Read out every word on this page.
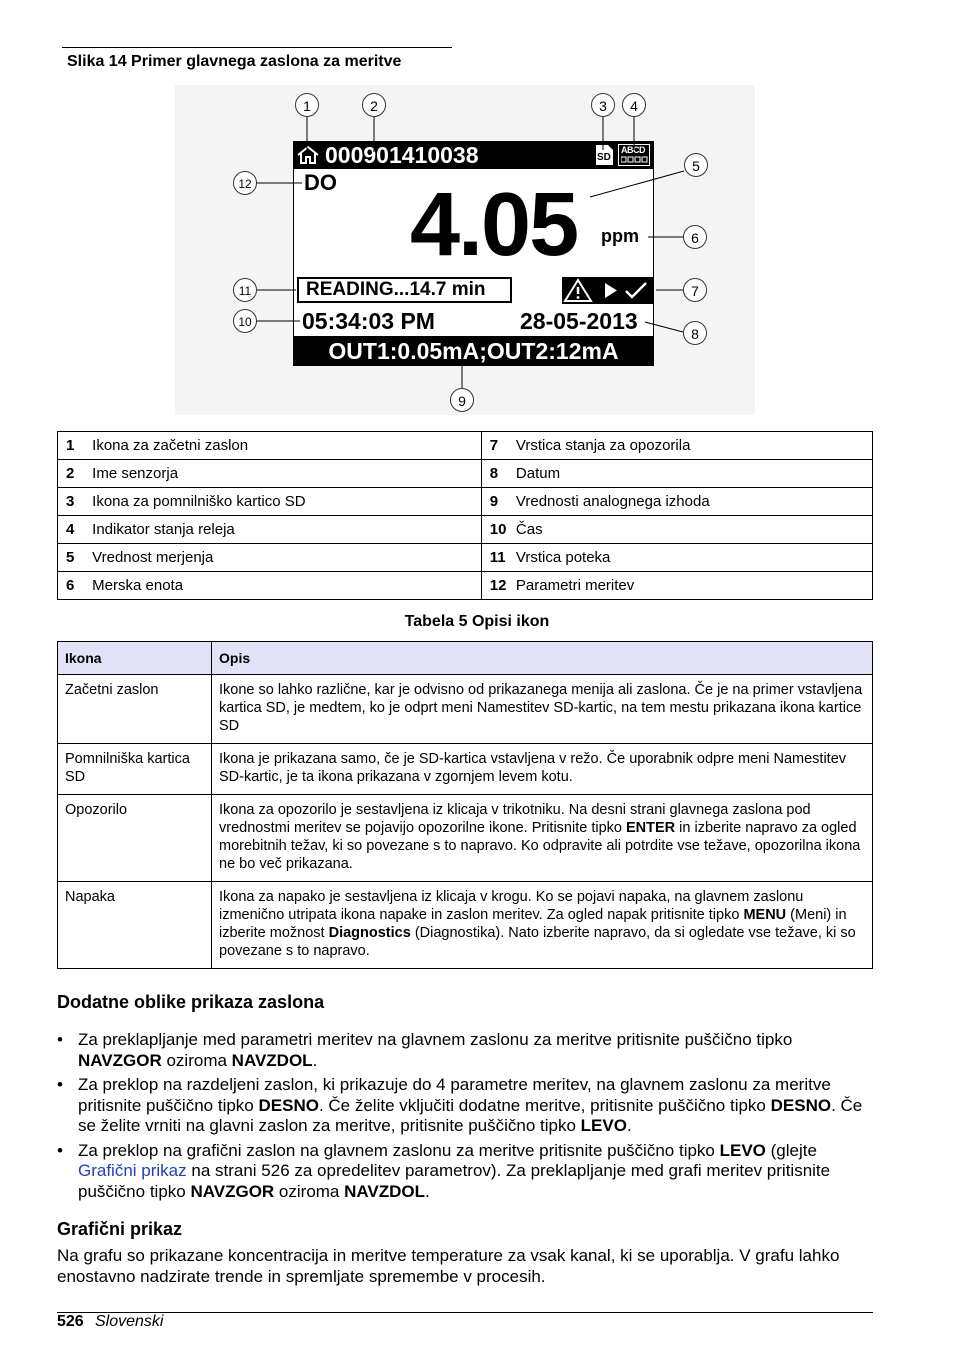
Slika 14 Primer glavnega zaslona za meritve
000901410038	SD
ABCD
DO 4.05 ppm
READING...14.7 min
05:34:03 PM	28-05-2013
OUT1:0.05mA;OUT2:12mA
1	2	3	4
5
6
7
8
9
10
11
12
1 Ikona za začetni zaslon	7 Vrstica stanja za opozorila
2 Ime senzorja	8 Datum
3 Ikona za pomnilniško kartico SD	9 Vrednosti analognega izhoda
4 Indikator stanja releja	10 Čas
5 Vrednost merjenja	11 Vrstica poteka
6 Merska enota	12 Parametri meritev
Tabela 5 Opisi ikon
Ikona	Opis
Začetni zaslon	Ikone so lahko različne, kar je odvisno od prikazanega menija ali zaslona. Če je na primer vstavljena kartica SD, je medtem, ko je odprt meni Namestitev SD-kartic, na tem mestu prikazana ikona kartice SD
Pomnilniška kartica SD	Ikona je prikazana samo, če je SD-kartica vstavljena v režo. Če uporabnik odpre meni Namestitev SD-kartic, je ta ikona prikazana v zgornjem levem kotu.
Opozorilo	Ikona za opozorilo je sestavljena iz klicaja v trikotniku. Na desni strani glavnega zaslona pod vrednostmi meritev se pojavijo opozorilne ikone. Pritisnite tipko ENTER in izberite napravo za ogled morebitnih težav, ki so povezane s to napravo. Ko odpravite ali potrdite vse težave, opozorilna ikona ne bo več prikazana.
Napaka	Ikona za napako je sestavljena iz klicaja v krogu. Ko se pojavi napaka, na glavnem zaslonu izmenično utripata ikona napake in zaslon meritev. Za ogled napak pritisnite tipko MENU (Meni) in izberite možnost Diagnostics (Diagnostika). Nato izberite napravo, da si ogledate vse težave, ki so povezane s to napravo.
Dodatne oblike prikaza zaslona
• Za preklapljanje med parametri meritev na glavnem zaslonu za meritve pritisnite puščično tipko NAVZGOR oziroma NAVZDOL.
• Za preklop na razdeljeni zaslon, ki prikazuje do 4 parametre meritev, na glavnem zaslonu za meritve pritisnite puščično tipko DESNO. Če želite vključiti dodatne meritve, pritisnite puščično tipko DESNO. Če se želite vrniti na glavni zaslon za meritve, pritisnite puščično tipko LEVO.
• Za preklop na grafični zaslon na glavnem zaslonu za meritve pritisnite puščično tipko LEVO (glejte Grafični prikaz na strani 526 za opredelitev parametrov). Za preklapljanje med grafi meritev pritisnite puščično tipko NAVZGOR oziroma NAVZDOL.
Grafični prikaz
Na grafu so prikazane koncentracija in meritve temperature za vsak kanal, ki se uporablja. V grafu lahko enostavno nadzirate trende in spremljate spremembe v procesih.
526 Slovenski
